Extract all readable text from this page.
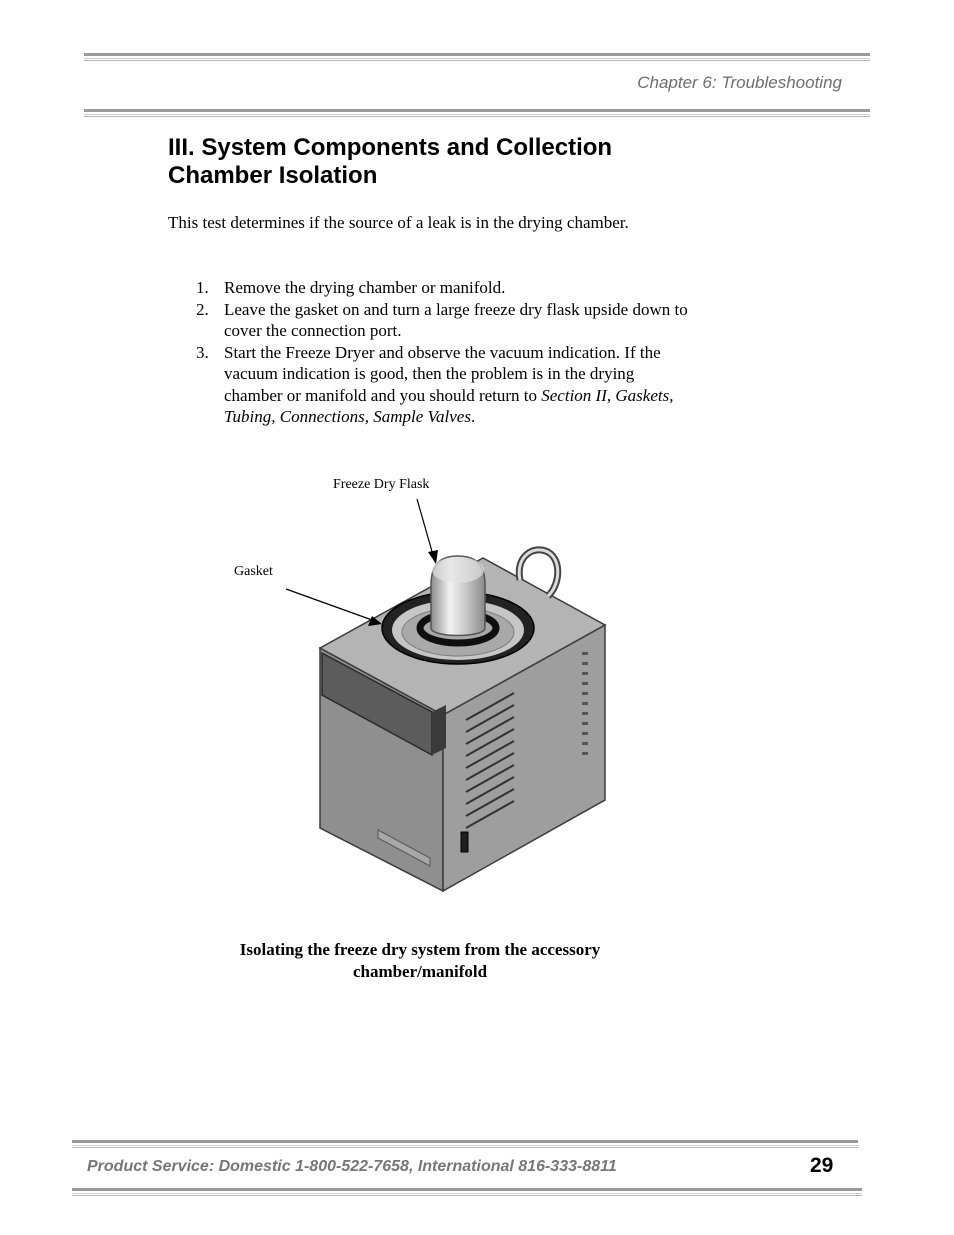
Chapter 6: Troubleshooting
III. System Components and Collection Chamber Isolation

This test determines if the source of a leak is in the drying chamber.

1. Remove the drying chamber or manifold.
2. Leave the gasket on and turn a large freeze dry flask upside down to cover the connection port.
3. Start the Freeze Dryer and observe the vacuum indication. If the vacuum indication is good, then the problem is in the drying chamber or manifold and you should return to Section II, Gaskets, Tubing, Connections, Sample Valves.
Freeze Dry Flask
Gasket

Isolating the freeze dry system from the accessory chamber/manifold

Product Service: Domestic 1-800-522-7658, International 816-333-8811	29
